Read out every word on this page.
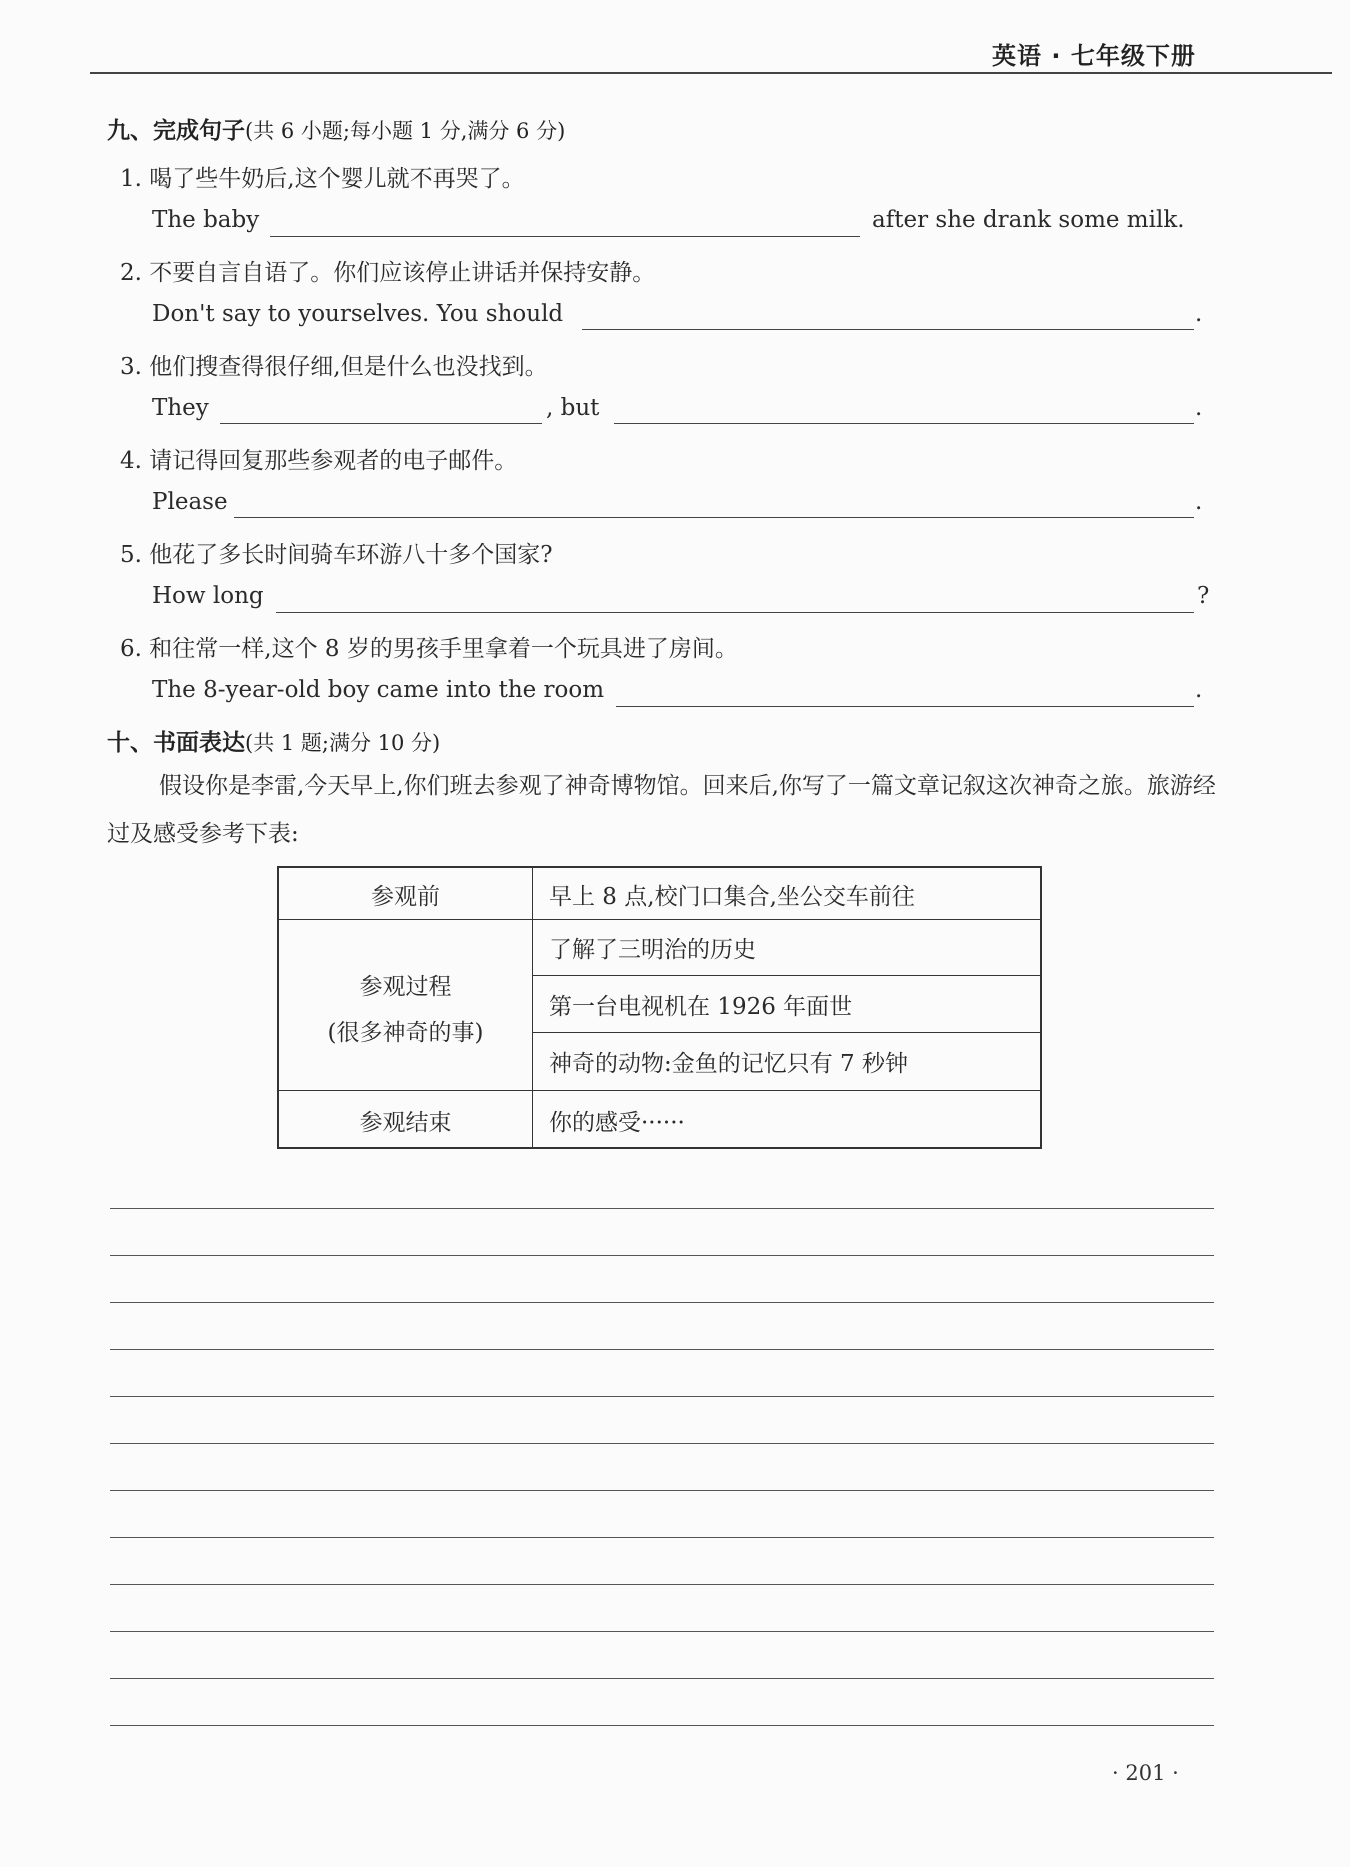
英语 · 七年级下册
九、完成句子(共 6 小题;每小题 1 分,满分 6 分)
1. 喝了些牛奶后,这个婴儿就不再哭了。
The baby	after she drank some milk.
2. 不要自言自语了。你们应该停止讲话并保持安静。
Don't say to yourselves. You should	.
3. 他们搜查得很仔细,但是什么也没找到。
They	, but	.
4. 请记得回复那些参观者的电子邮件。
Please	.
5. 他花了多长时间骑车环游八十多个国家?
How long	?
6. 和往常一样,这个 8 岁的男孩手里拿着一个玩具进了房间。
The 8-year-old boy came into the room	.
十、书面表达(共 1 题;满分 10 分)
假设你是李雷,今天早上,你们班去参观了神奇博物馆。回来后,你写了一篇文章记叙这次神奇之旅。旅游经过及感受参考下表:
参观前	早上 8 点,校门口集合,坐公交车前往
参观过程
(很多神奇的事)
了解了三明治的历史
第一台电视机在 1926 年面世
神奇的动物:金鱼的记忆只有 7 秒钟
参观结束	你的感受······
· 201 ·
